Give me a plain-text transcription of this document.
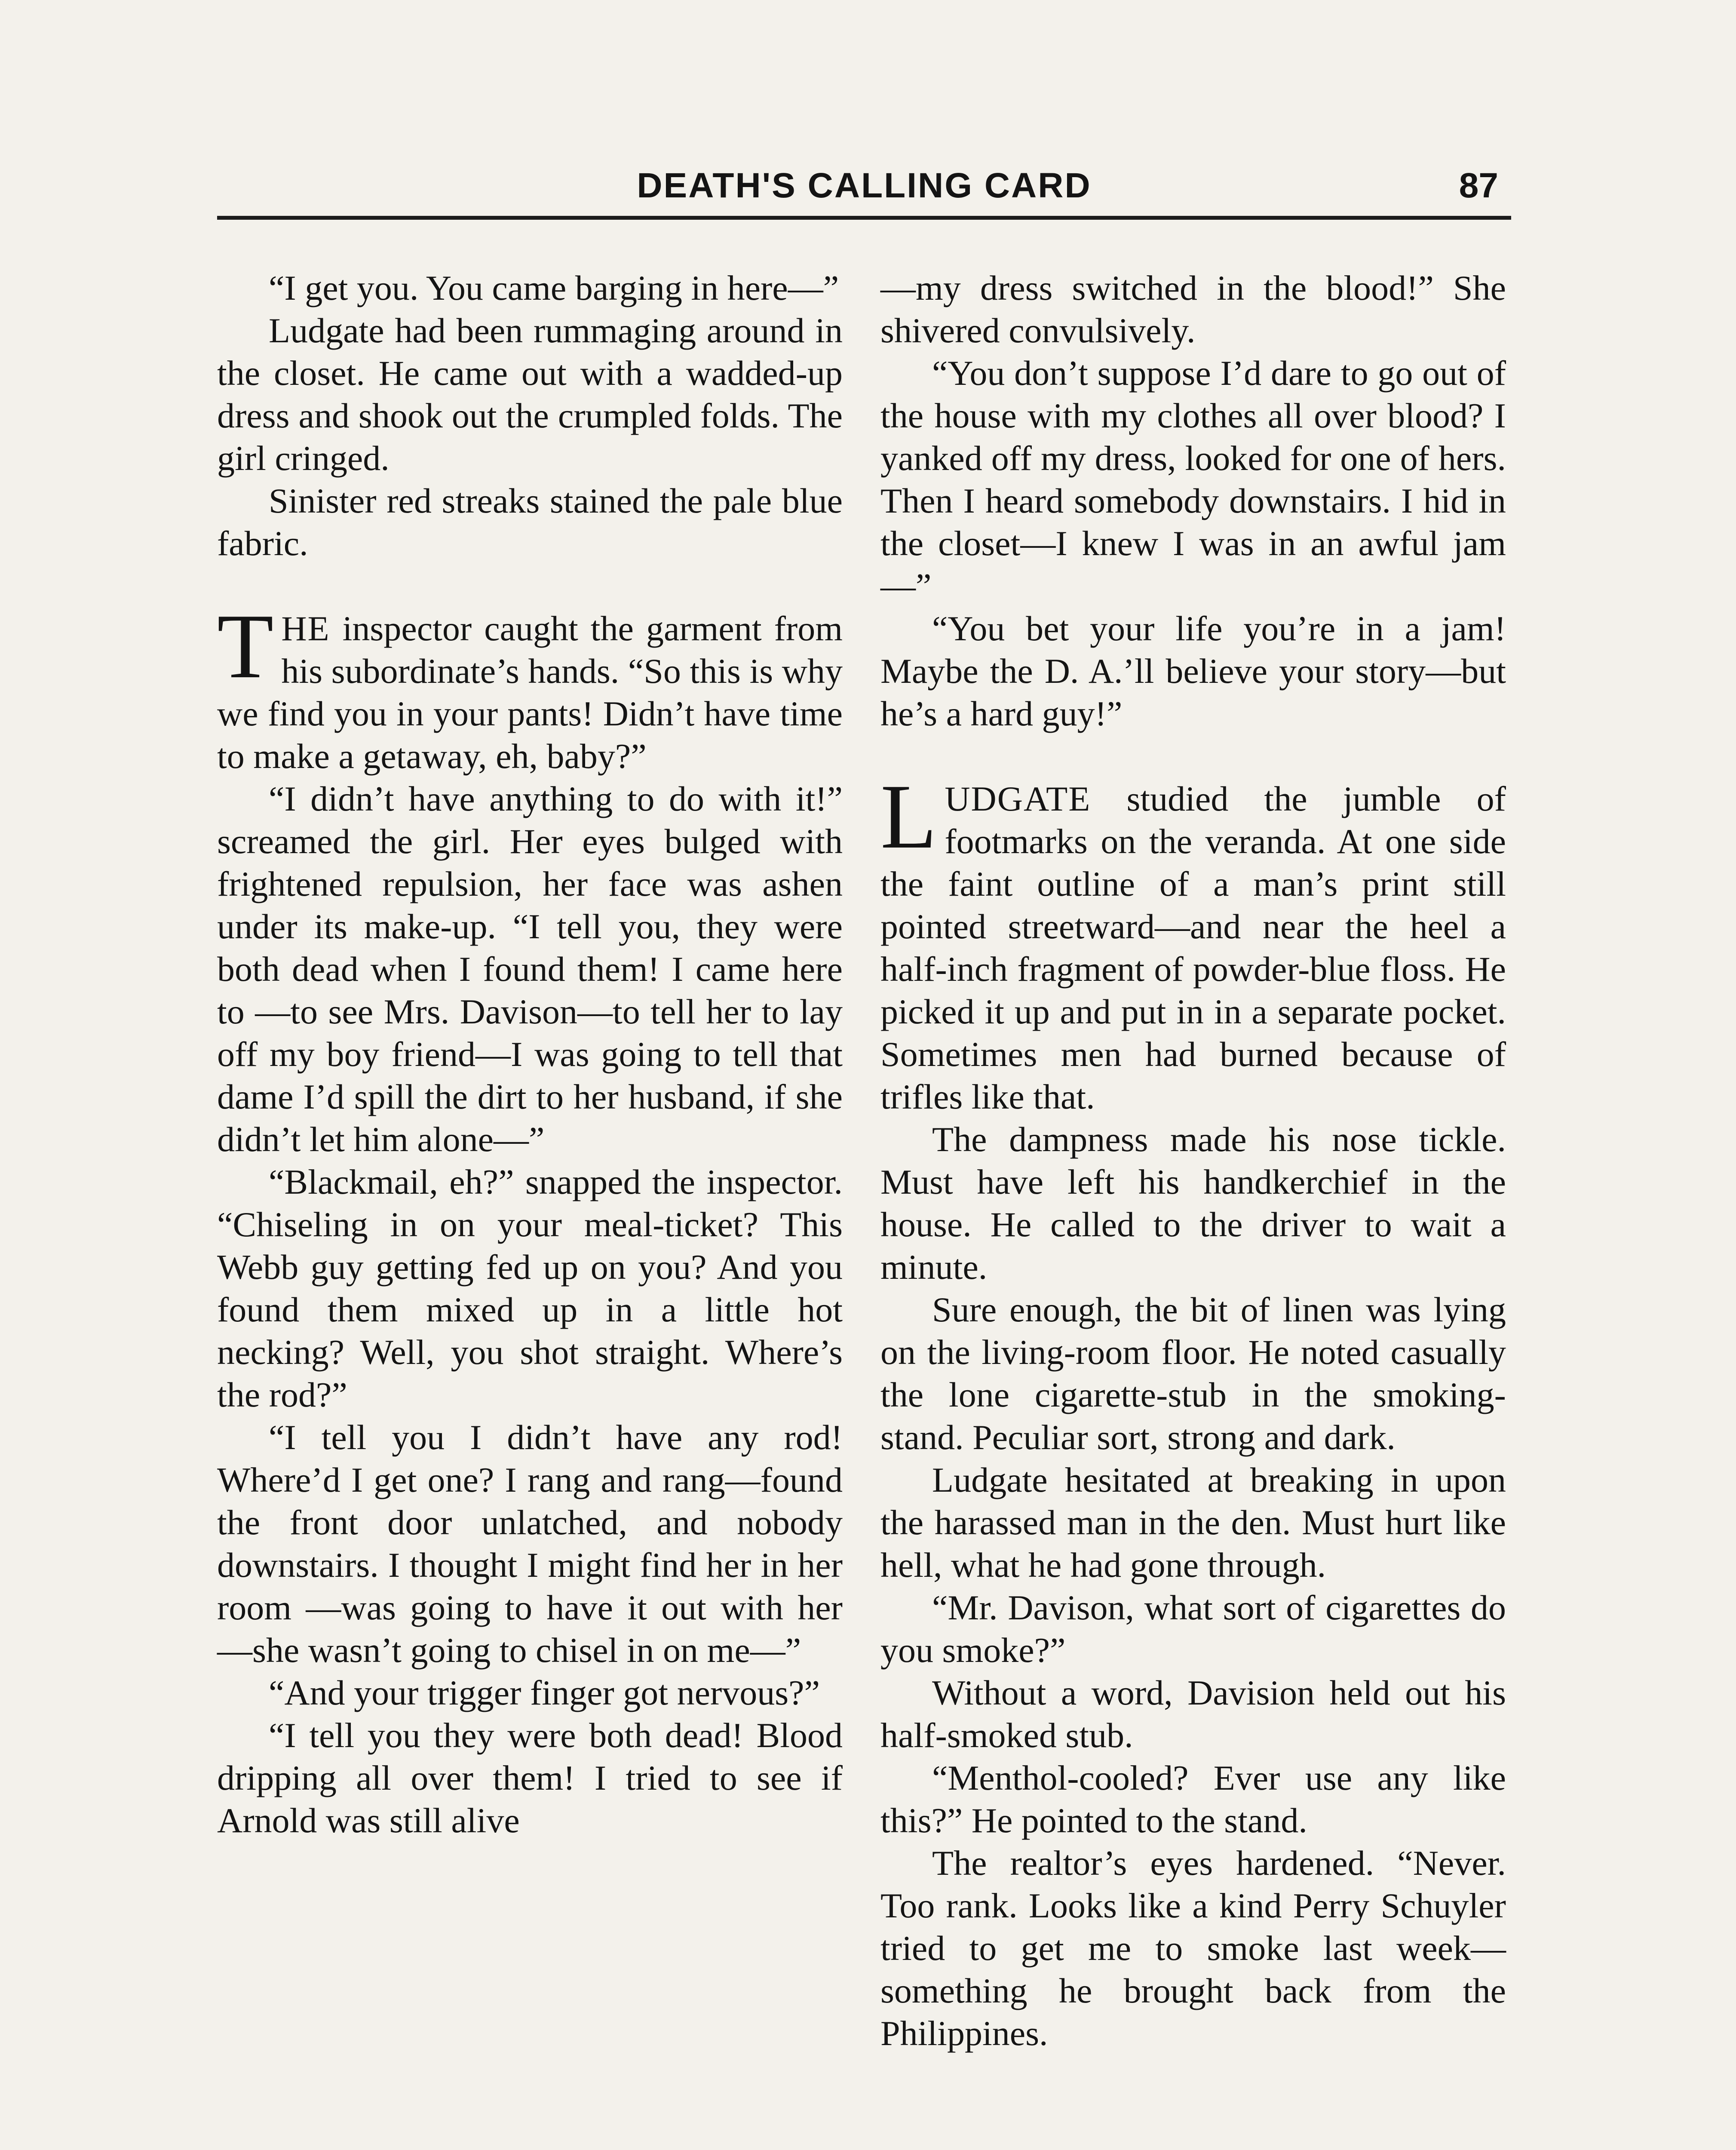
DEATH'S CALLING CARD	87

“I get you. You came barging in here—”

Ludgate had been rummaging around in the closet. He came out with a wadded-up dress and shook out the crumpled folds. The girl cringed.

Sinister red streaks stained the pale blue fabric.

THE inspector caught the garment from his subordinate’s hands. “So this is why we find you in your pants! Didn’t have time to make a getaway, eh, baby?”

“I didn’t have anything to do with it!” screamed the girl. Her eyes bulged with frightened repulsion, her face was ashen under its make-up. “I tell you, they were both dead when I found them! I came here to —to see Mrs. Davison—to tell her to lay off my boy friend—I was going to tell that dame I’d spill the dirt to her husband, if she didn’t let him alone—”

“Blackmail, eh?” snapped the inspector. “Chiseling in on your meal-ticket? This Webb guy getting fed up on you? And you found them mixed up in a little hot necking? Well, you shot straight. Where’s the rod?”

“I tell you I didn’t have any rod! Where’d I get one? I rang and rang—found the front door unlatched, and nobody downstairs. I thought I might find her in her room —was going to have it out with her —she wasn’t going to chisel in on me—”

“And your trigger finger got nervous?”

“I tell you they were both dead! Blood dripping all over them! I tried to see if Arnold was still alive

—my dress switched in the blood!” She shivered convulsively.

“You don’t suppose I’d dare to go out of the house with my clothes all over blood? I yanked off my dress, looked for one of hers. Then I heard somebody downstairs. I hid in the closet—I knew I was in an awful jam—”

“You bet your life you’re in a jam! Maybe the D. A.’ll believe your story—but he’s a hard guy!”

LUDGATE studied the jumble of footmarks on the veranda. At one side the faint outline of a man’s print still pointed streetward—and near the heel a half-inch fragment of powder-blue floss. He picked it up and put in in a separate pocket. Sometimes men had burned because of trifles like that.

The dampness made his nose tickle. Must have left his handkerchief in the house. He called to the driver to wait a minute.

Sure enough, the bit of linen was lying on the living-room floor. He noted casually the lone cigarette-stub in the smoking-stand. Peculiar sort, strong and dark.

Ludgate hesitated at breaking in upon the harassed man in the den. Must hurt like hell, what he had gone through.

“Mr. Davison, what sort of cigarettes do you smoke?”

Without a word, Davision held out his half-smoked stub.

“Menthol-cooled? Ever use any like this?” He pointed to the stand.

The realtor’s eyes hardened. “Never. Too rank. Looks like a kind Perry Schuyler tried to get me to smoke last week—something he brought back from the Philippines.
